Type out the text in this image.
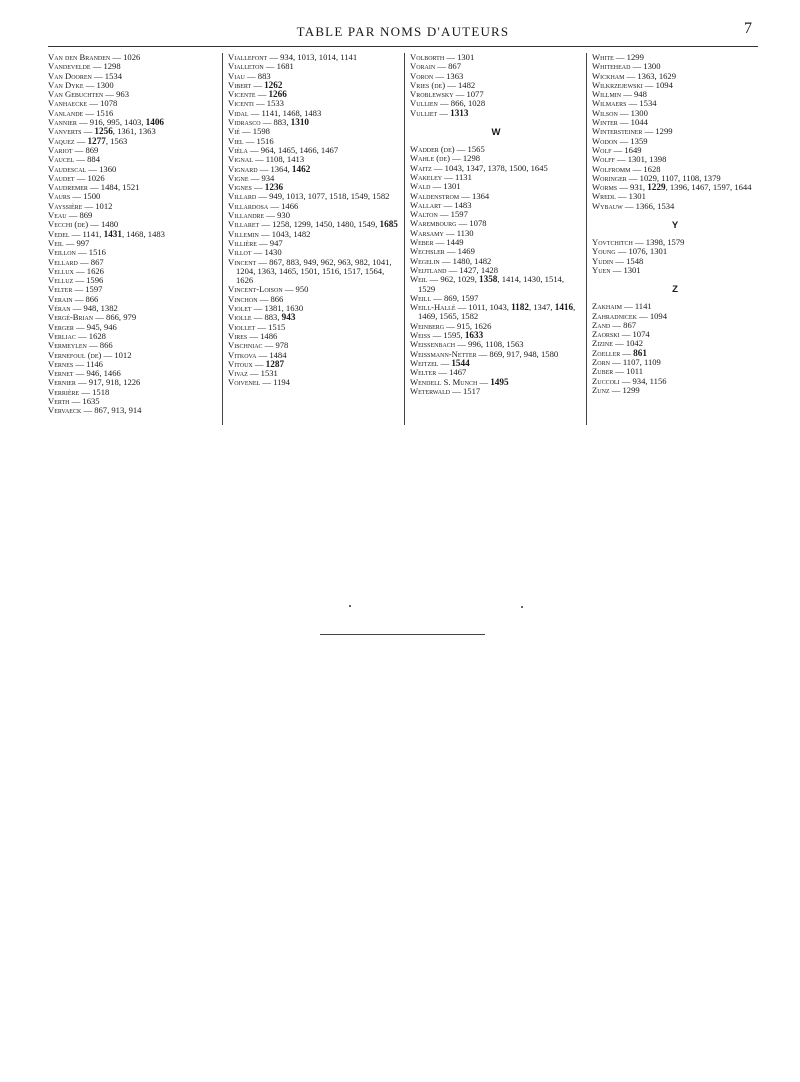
TABLE PAR NOMS D'AUTEURS	7
Van den Branden — 1026
Vandevelde — 1298
Van Dooren — 1534
Van Dyke — 1300
Van Gebuchten — 963
Vanhaecke — 1078
Vanlande — 1516
Vannier — 916, 995, 1403, 1406
Vanverts — 1256, 1361, 1363
Vaquez — 1277, 1563
Variot — 869
Vaucel — 884
Vaudescal — 1360
Vaudet — 1026
Vaudremer — 1484, 1521
Vaurs — 1500
Vayssière — 1012
Veau — 869
Vecchi (de) — 1480
Vedel — 1141, 1431, 1468, 1483
Veil — 997
Veillon — 1516
Vellard — 867
Vellux — 1626
Velluz — 1596
Velter — 1597
Verain — 866
Véran — 948, 1382
Vergé-Brian — 866, 979
Verger — 945, 946
Verliac — 1628
Vermeylen — 866
Vernefoul (de) — 1012
Vernes — 1146
Vernet — 946, 1466
Vernier — 917, 918, 1226
Verrière — 1518
Verth — 1635
Vervaeck — 867, 913, 914
Viallefont — 934, 1013, 1014, 1141
Vialleton — 1681
Viau — 883
Vibert — 1262
Vicente — 1266
Vicenti — 1533
Vidal — 1141, 1468, 1483
Vidrasco — 883, 1310
Vié — 1598
Viel — 1516
Viéla — 964, 1465, 1466, 1467
Vignal — 1108, 1413
Vignard — 1364, 1462
Vigne — 934
Vignes — 1236
Villard — 949, 1013, 1077, 1518, 1549, 1582
Villardosa — 1466
Villandre — 930
Villaret — 1258, 1299, 1450, 1480, 1549, 1685
Villemin — 1043, 1482
Villière — 947
Villot — 1430
Vincent — 867, 883, 949, 962, 963, 982, 1041, 1204, 1363, 1465, 1501, 1516, 1517, 1564, 1626
Vincent-Loison — 950
Vinchon — 866
Violet — 1381, 1630
Violle — 883, 943
Viollet — 1515
Vires — 1486
Vischniac — 978
Vitkova — 1484
Vitoux — 1287
Vivaz — 1531
Voivenel — 1194
Volborth — 1301
Vorain — 867
Voron — 1363
Vries (de) — 1482
Vroblewsky — 1077
Vullien — 866, 1028
Vulliet — 1313
W
Wadder (de) — 1565
Wahle (de) — 1298
Waitz — 1043, 1347, 1378, 1500, 1645
Wakeley — 1131
Wald — 1301
Waldenstrom — 1364
Wallart — 1483
Walton — 1597
Warembourg — 1078
Warsamy — 1130
Weber — 1449
Wechsler — 1469
Wegelin — 1480, 1482
Weijtland — 1427, 1428
Weil — 962, 1029, 1358, 1414, 1430, 1514, 1529
Weill — 869, 1597
Weill-Hallé — 1011, 1043, 1182, 1347, 1416, 1469, 1565, 1582
Weinberg — 915, 1626
Weiss — 1595, 1633
Weissenbach — 996, 1108, 1563
Weissmann-Netter — 869, 917, 948, 1580
Weitzel — 1544
Welter — 1467
Wendell S. Munch — 1495
Weterwald — 1517
White — 1299
Whitehead — 1300
Wickham — 1363, 1629
Wilkrzejewski — 1094
Willmin — 948
Wilmaers — 1534
Wilson — 1300
Winter — 1044
Wintersteiner — 1299
Wodon — 1359
Wolf — 1649
Wolff — 1301, 1398
Wolfromm — 1628
Woringer — 1029, 1107, 1108, 1379
Worms — 931, 1229, 1396, 1467, 1597, 1644
Wredl — 1301
Wybauw — 1366, 1534
Y
Yovtchitch — 1398, 1579
Young — 1076, 1301
Yudin — 1548
Yuen — 1301
Z
Zakhaim — 1141
Zahradnicek — 1094
Zand — 867
Zaorski — 1074
Zizine — 1042
Zoeller — 861
Zorn — 1107, 1109
Zuber — 1011
Zuccoli — 934, 1156
Zunz — 1299
